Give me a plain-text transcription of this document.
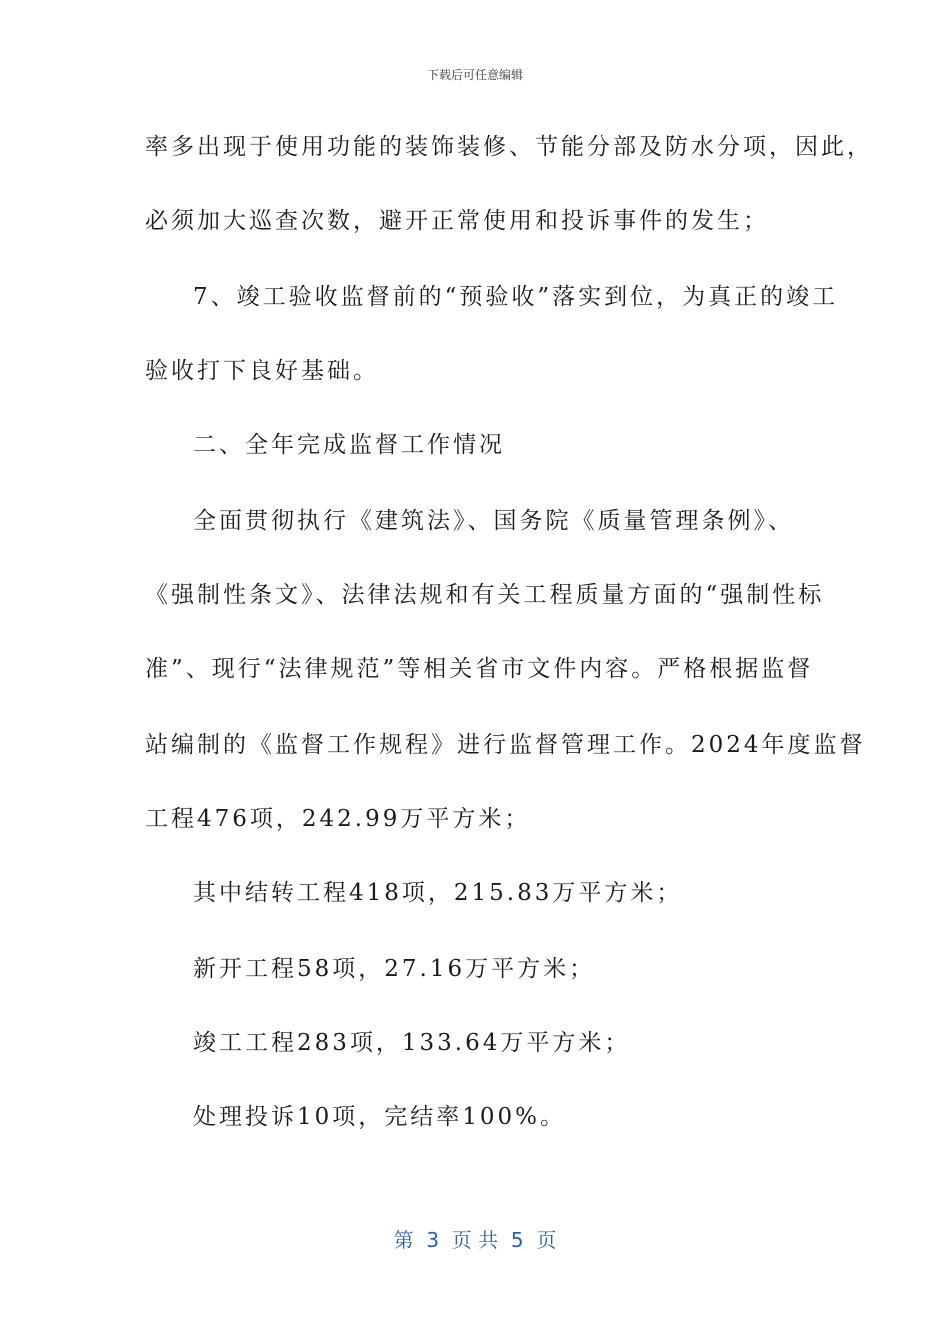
下载后可任意编辑
率多出现于使用功能的装饰装修、节能分部及防水分项，因此，
必须加大巡查次数，避开正常使用和投诉事件的发生；
7、竣工验收监督前的“预验收”落实到位，为真正的竣工
验收打下良好基础。
二、全年完成监督工作情况
全面贯彻执行《建筑法》、国务院《质量管理条例》、
《强制性条文》、法律法规和有关工程质量方面的“强制性标
准”、现行“法律规范”等相关省市文件内容。严格根据监督
站编制的《监督工作规程》进行监督管理工作。2024年度监督
工程476项，242.99万平方米；
其中结转工程418项，215.83万平方米；
新开工程58项，27.16万平方米；
竣工工程283项，133.64万平方米；
处理投诉10项，完结率100%。
第  3  页 共  5  页
